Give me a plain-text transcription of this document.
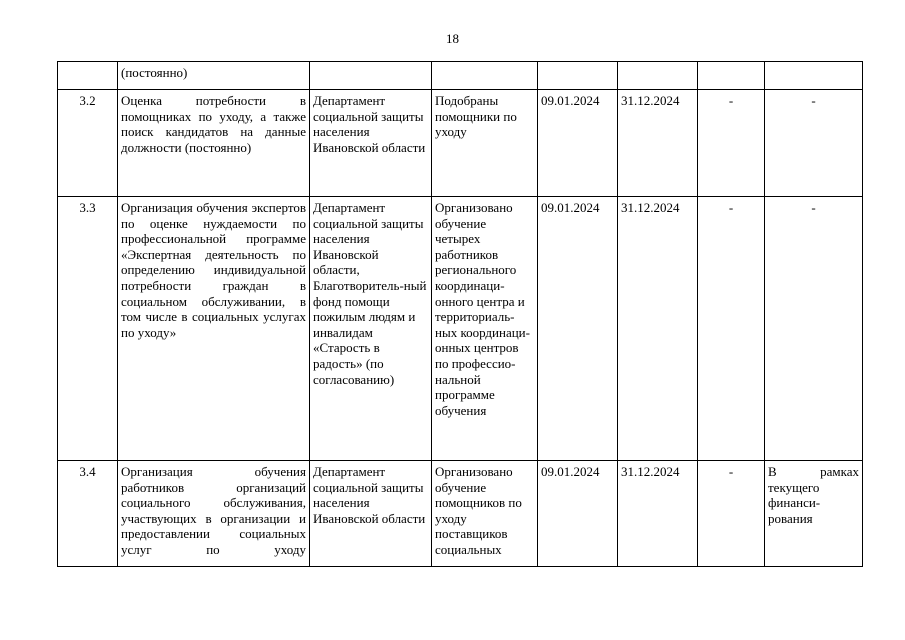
18
	(постоянно)						
3.2	Оценка потребности в помощниках по уходу, а также поиск кандидатов на данные должности (постоянно)	Департамент социальной защиты населения Ивановской области	Подобраны помощники по уходу	09.01.2024	31.12.2024	-	-
3.3	Организация обучения экспертов по оценке нуждаемости по профессиональной программе «Экспертная деятельность по определению индивидуальной потребности граждан в социальном обслуживании, в том числе в социальных услугах по уходу»	Департамент социальной защиты населения Ивановской области, Благотворитель-ный фонд помощи пожилым людям и инвалидам «Старость в радость» (по согласованию)	Организовано обучение четырех работников регионального координаци-онного центра и территориаль-ных координаци-онных центров по профессио-нальной программе обучения	09.01.2024	31.12.2024	-	-
3.4	Организация обучения работников организаций социального обслуживания, участвующих в организации и предоставлении социальных услуг по уходу	Департамент социальной защиты населения Ивановской области	Организовано обучение помощников по уходу поставщиков социальных	09.01.2024	31.12.2024	-	В рамках
текущего финанси-рования
